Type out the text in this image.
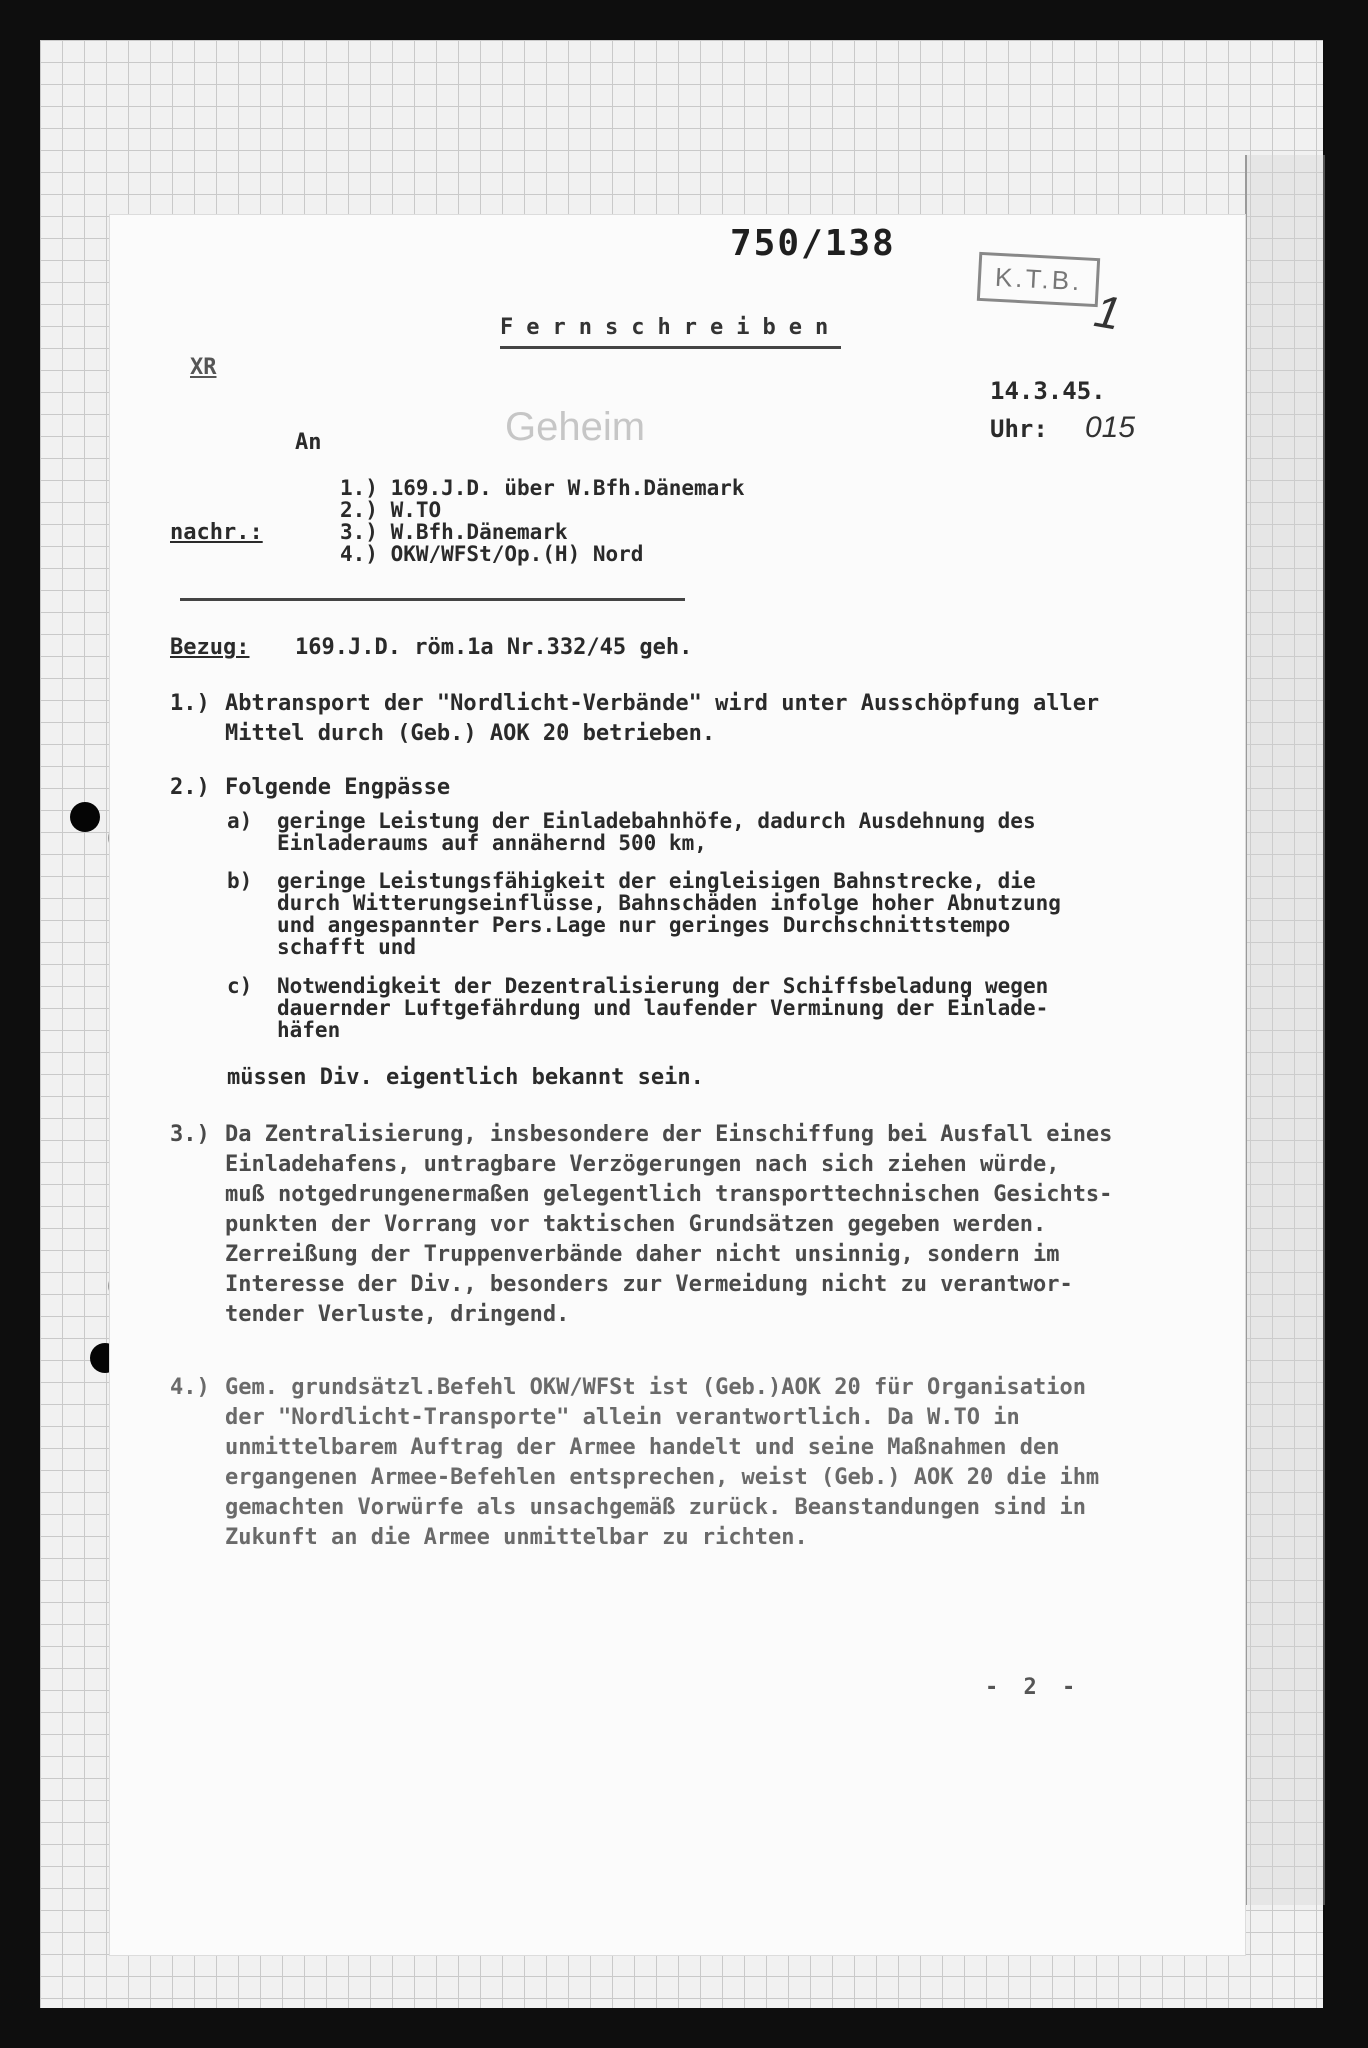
750/138
K.T.B.
1
Fernschreiben
XR
14.3.45.
Uhr: 015
Geheim
An
nachr.:
1.) 169.J.D. über W.Bfh.Dänemark
2.) W.TO
3.) W.Bfh.Dänemark
4.) OKW/WFSt/Op.(H) Nord
Bezug: 169.J.D. röm.1a Nr.332/45 geh.
1.) Abtransport der "Nordlicht-Verbände" wird unter Ausschöpfung aller
Mittel durch (Geb.) AOK 20 betrieben.
2.) Folgende Engpässe
a) geringe Leistung der Einladebahnhöfe, dadurch Ausdehnung des
Einladeraums auf annähernd 500 km,
b) geringe Leistungsfähigkeit der eingleisigen Bahnstrecke, die
durch Witterungseinflüsse, Bahnschäden infolge hoher Abnutzung
und angespannter Pers.Lage nur geringes Durchschnittstempo
schafft und
c) Notwendigkeit der Dezentralisierung der Schiffsbeladung wegen
dauernder Luftgefährdung und laufender Verminung der Einlade-
häfen
müssen Div. eigentlich bekannt sein.
3.) Da Zentralisierung, insbesondere der Einschiffung bei Ausfall eines
Einladehafens, untragbare Verzögerungen nach sich ziehen würde,
muß notgedrungenermaßen gelegentlich transporttechnischen Gesichts-
punkten der Vorrang vor taktischen Grundsätzen gegeben werden.
Zerreißung der Truppenverbände daher nicht unsinnig, sondern im
Interesse der Div., besonders zur Vermeidung nicht zu verantwor-
tender Verluste, dringend.
4.) Gem. grundsätzl.Befehl OKW/WFSt ist (Geb.)AOK 20 für Organisation
der "Nordlicht-Transporte" allein verantwortlich. Da W.TO in
unmittelbarem Auftrag der Armee handelt und seine Maßnahmen den
ergangenen Armee-Befehlen entsprechen, weist (Geb.) AOK 20 die ihm
gemachten Vorwürfe als unsachgemäß zurück. Beanstandungen sind in
Zukunft an die Armee unmittelbar zu richten.
- 2 -
